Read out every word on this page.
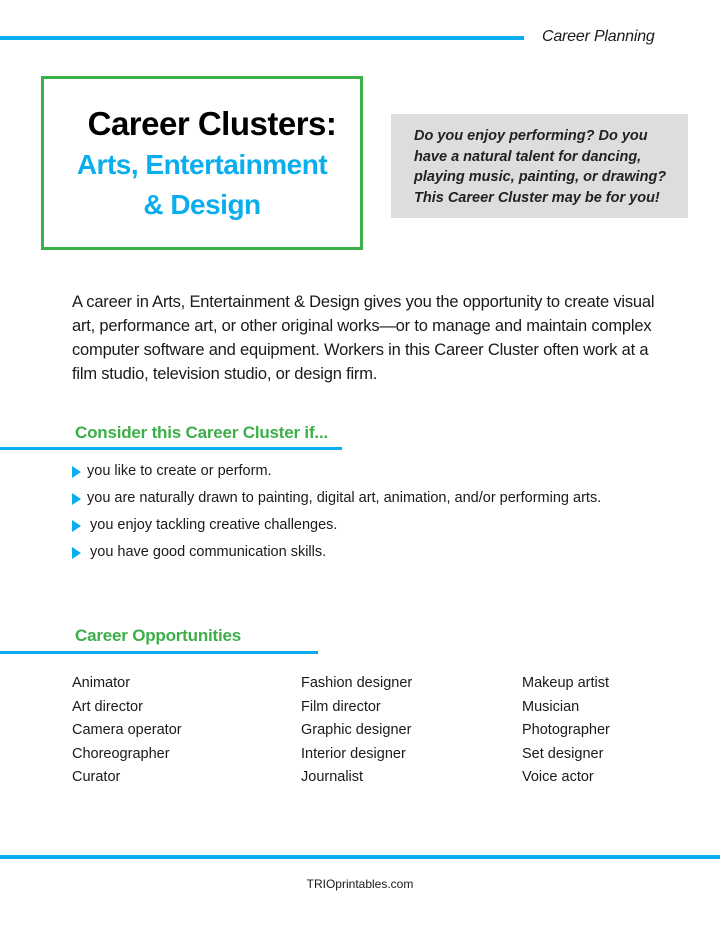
Career Planning
Career Clusters:
Arts, Entertainment
& Design
Do you enjoy performing? Do you have a natural talent for dancing, playing music, painting, or drawing? This Career Cluster may be for you!

A career in Arts, Entertainment & Design gives you the opportunity to create visual art, performance art, or other original works—or to manage and maintain complex computer software and equipment. Workers in this Career Cluster often work at a film studio, television studio, or design firm.

Consider this Career Cluster if...
you like to create or perform.
you are naturally drawn to painting, digital art, animation, and/or performing arts.
you enjoy tackling creative challenges.
you have good communication skills.
Career Opportunities
Animator
Art director
Camera operator
Choreographer
Curator
Fashion designer
Film director
Graphic designer
Interior designer
Journalist
Makeup artist
Musician
Photographer
Set designer
Voice actor
TRIOprintables.com
